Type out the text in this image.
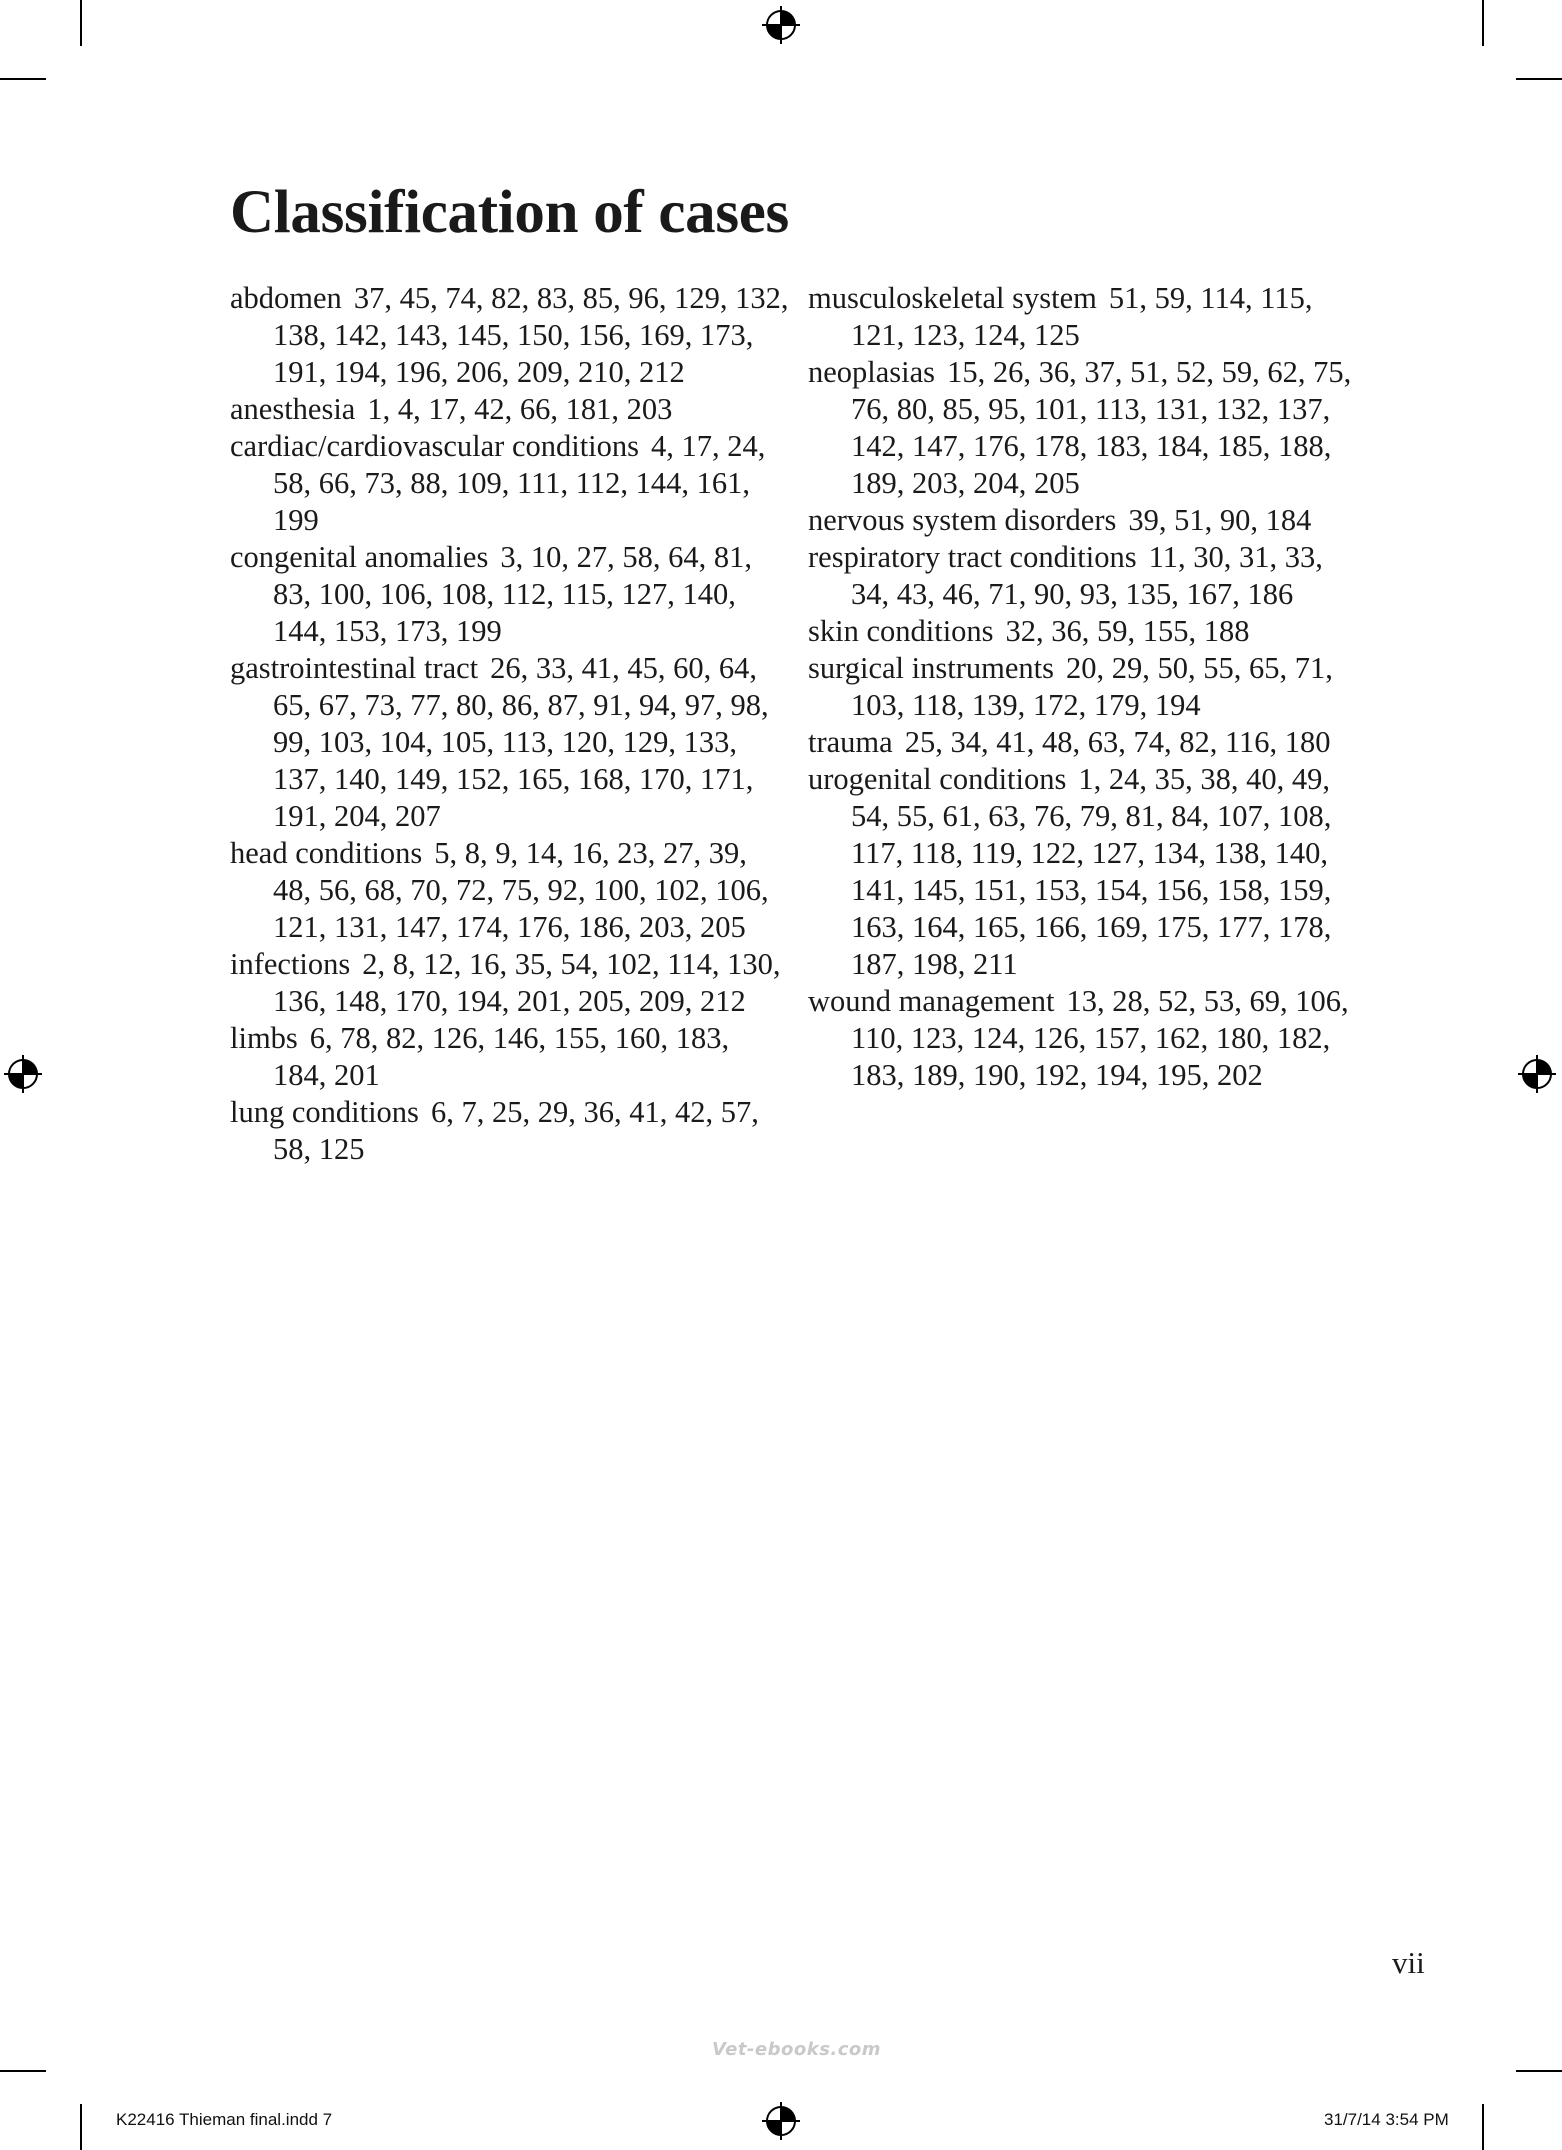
Classification of cases

abdomen 37, 45, 74, 82, 83, 85, 96, 129, 132, 138, 142, 143, 145, 150, 156, 169, 173, 191, 194, 196, 206, 209, 210, 212

anesthesia 1, 4, 17, 42, 66, 181, 203

cardiac/cardiovascular conditions 4, 17, 24, 58, 66, 73, 88, 109, 111, 112, 144, 161, 199

congenital anomalies 3, 10, 27, 58, 64, 81, 83, 100, 106, 108, 112, 115, 127, 140, 144, 153, 173, 199

gastrointestinal tract 26, 33, 41, 45, 60, 64, 65, 67, 73, 77, 80, 86, 87, 91, 94, 97, 98, 99, 103, 104, 105, 113, 120, 129, 133, 137, 140, 149, 152, 165, 168, 170, 171, 191, 204, 207

head conditions 5, 8, 9, 14, 16, 23, 27, 39, 48, 56, 68, 70, 72, 75, 92, 100, 102, 106, 121, 131, 147, 174, 176, 186, 203, 205

infections 2, 8, 12, 16, 35, 54, 102, 114, 130, 136, 148, 170, 194, 201, 205, 209, 212

limbs 6, 78, 82, 126, 146, 155, 160, 183, 184, 201

lung conditions 6, 7, 25, 29, 36, 41, 42, 57, 58, 125

musculoskeletal system 51, 59, 114, 115, 121, 123, 124, 125

neoplasias 15, 26, 36, 37, 51, 52, 59, 62, 75, 76, 80, 85, 95, 101, 113, 131, 132, 137, 142, 147, 176, 178, 183, 184, 185, 188, 189, 203, 204, 205

nervous system disorders 39, 51, 90, 184

respiratory tract conditions 11, 30, 31, 33, 34, 43, 46, 71, 90, 93, 135, 167, 186

skin conditions 32, 36, 59, 155, 188

surgical instruments 20, 29, 50, 55, 65, 71, 103, 118, 139, 172, 179, 194

trauma 25, 34, 41, 48, 63, 74, 82, 116, 180

urogenital conditions 1, 24, 35, 38, 40, 49, 54, 55, 61, 63, 76, 79, 81, 84, 107, 108, 117, 118, 119, 122, 127, 134, 138, 140, 141, 145, 151, 153, 154, 156, 158, 159, 163, 164, 165, 166, 169, 175, 177, 178, 187, 198, 211

wound management 13, 28, 52, 53, 69, 106, 110, 123, 124, 126, 157, 162, 180, 182, 183, 189, 190, 192, 194, 195, 202

vii
Vet-ebooks.com
K22416 Thieman final.indd 7	31/7/14 3:54 PM
